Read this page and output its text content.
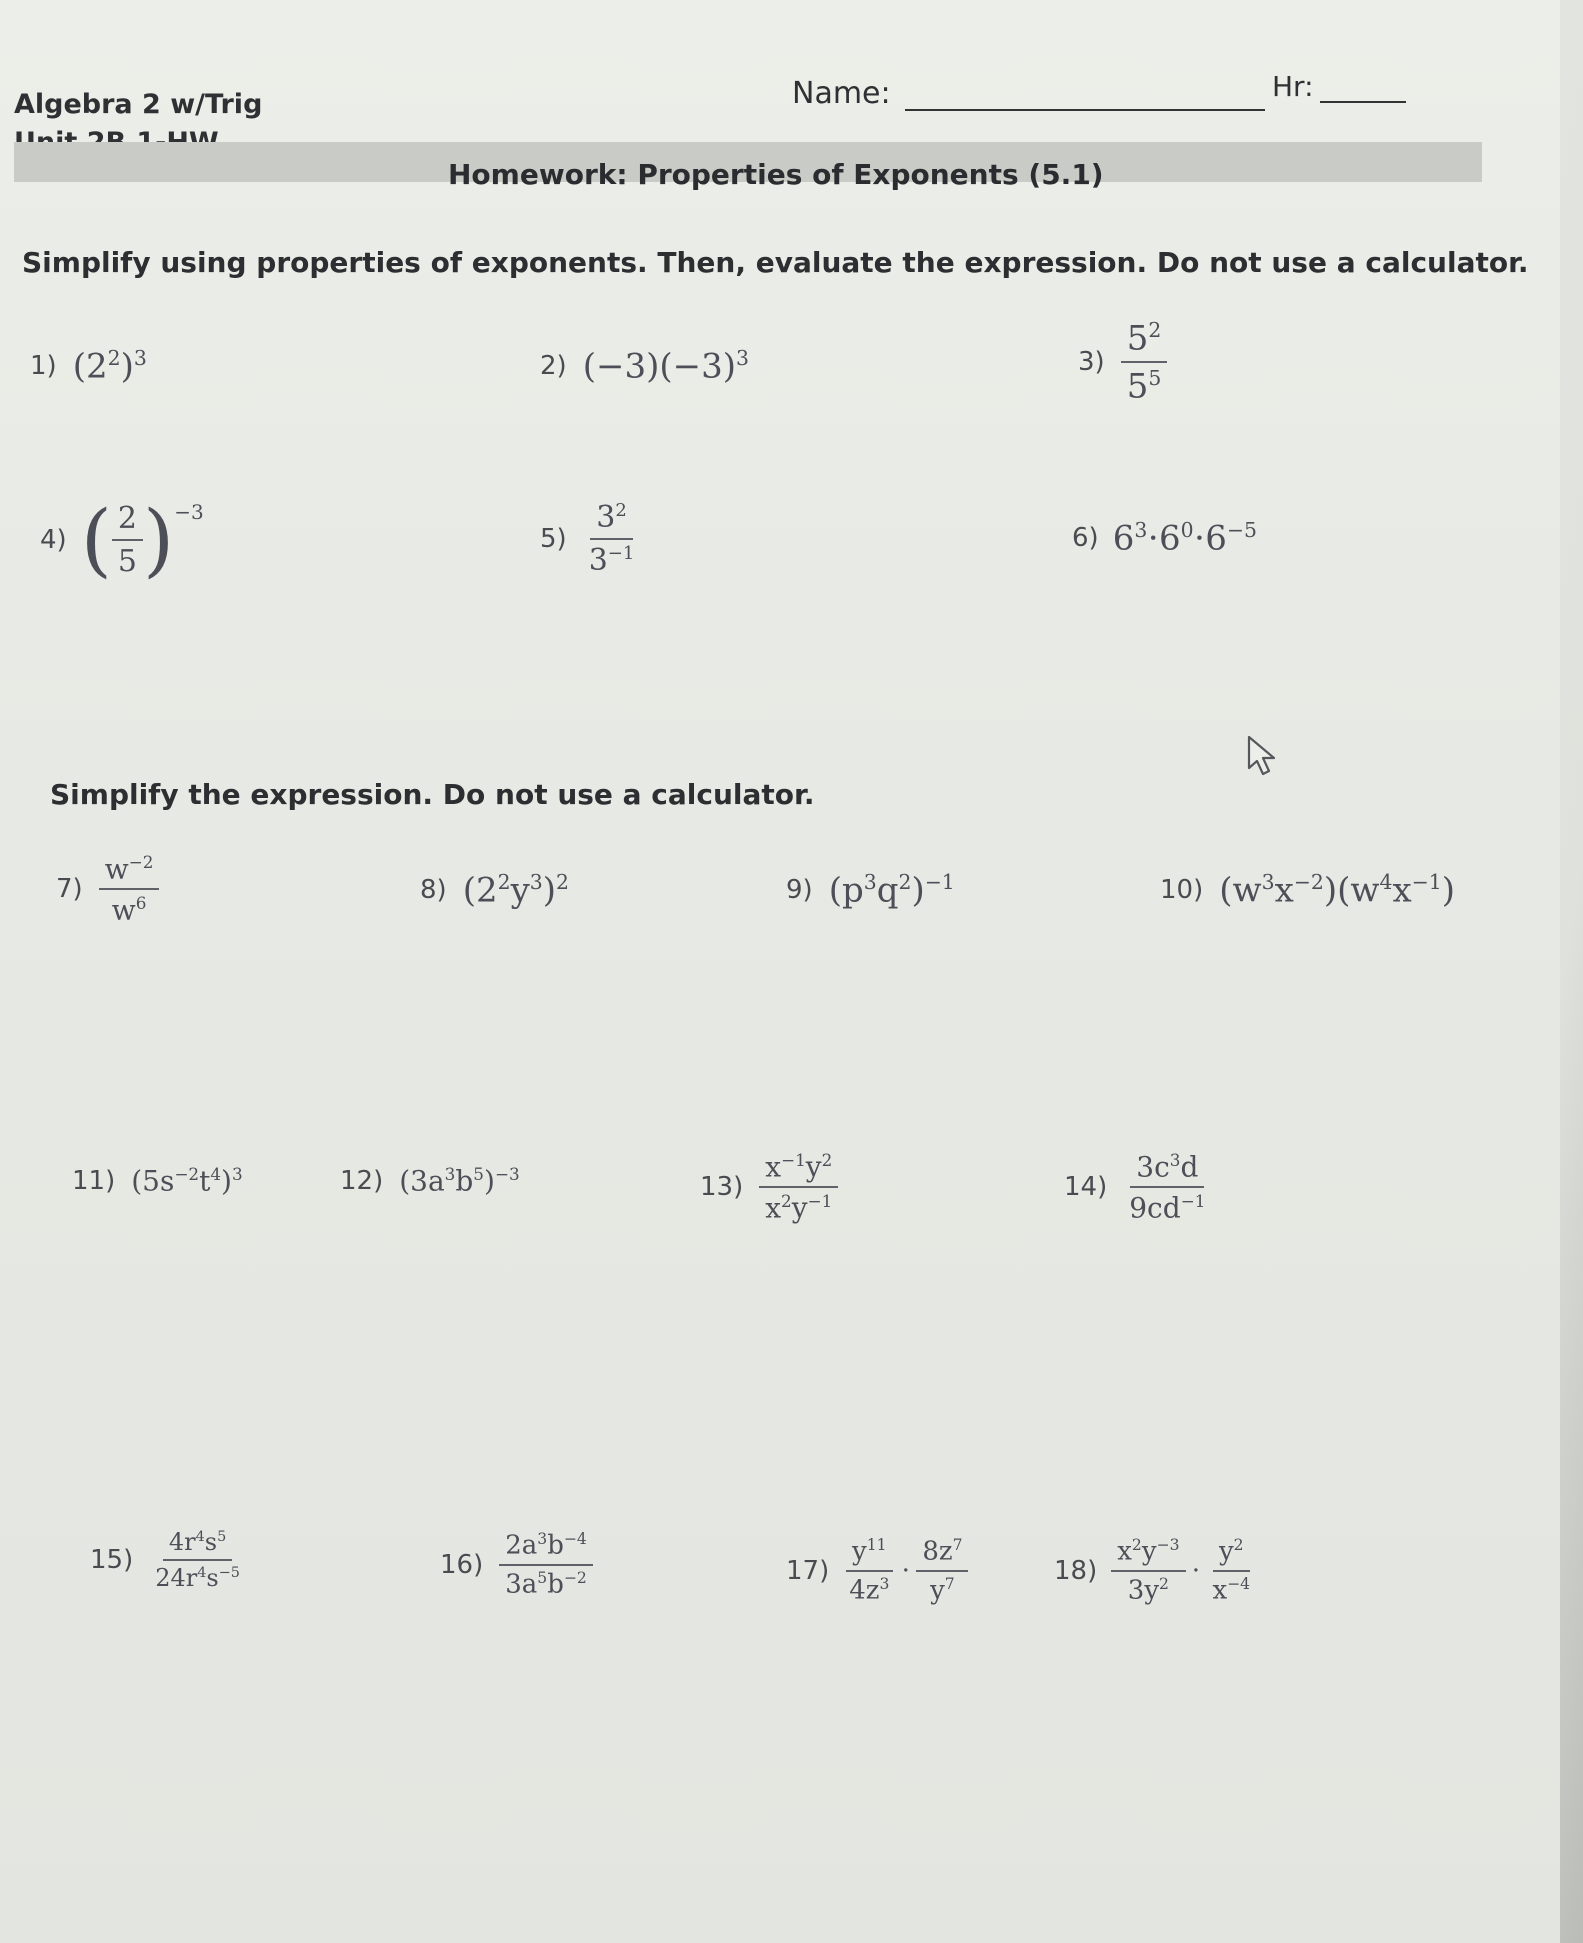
Algebra 2 w/Trig	Name:	Hr:
Homework: Properties of Exponents (5.1)
Simplify using properties of exponents. Then, evaluate the expression. Do not use a calculator.
1) $(2^2)^3$	2) $(-3)(-3)^3$	$3) \frac{5^2}{5^5}$
4) ( $\frac{2}{5} )^{-3}$
$5) \frac{3^2}{3^{-1}}$	6) $6^3\cdot 6^0\cdot 6^{-5}$
Simplify the expression. Do not use a calculator.
$7) \frac{w^{-2}}{w^6}$	8) $(2^2y^3)^2$	9) $(p^3q^2)^{-1}$	10) $(w^3x^{-2})(w^4x^{-1})$
11) $(5s^{-2}t^4)^3$	12) $(3a^3b^5)^{-3}$	$13) \frac{x^{-1}y^2}{x^2y^{-1}}$	$14) \frac{3c^3d}{9cd^{-1}}$
$15) \frac{4r^4s^5}{24r^4s^{-5}}$	$16) \frac{2a^3b^{-4}}{3a^5b^{-2}}$	$17) \frac{y^{11}}{4z^3} \cdot \frac{8z^7}{y^7}$	$18) \frac{x^2y^{-3}}{3y^2} \cdot \frac{y^2}{x^{-4}}$
